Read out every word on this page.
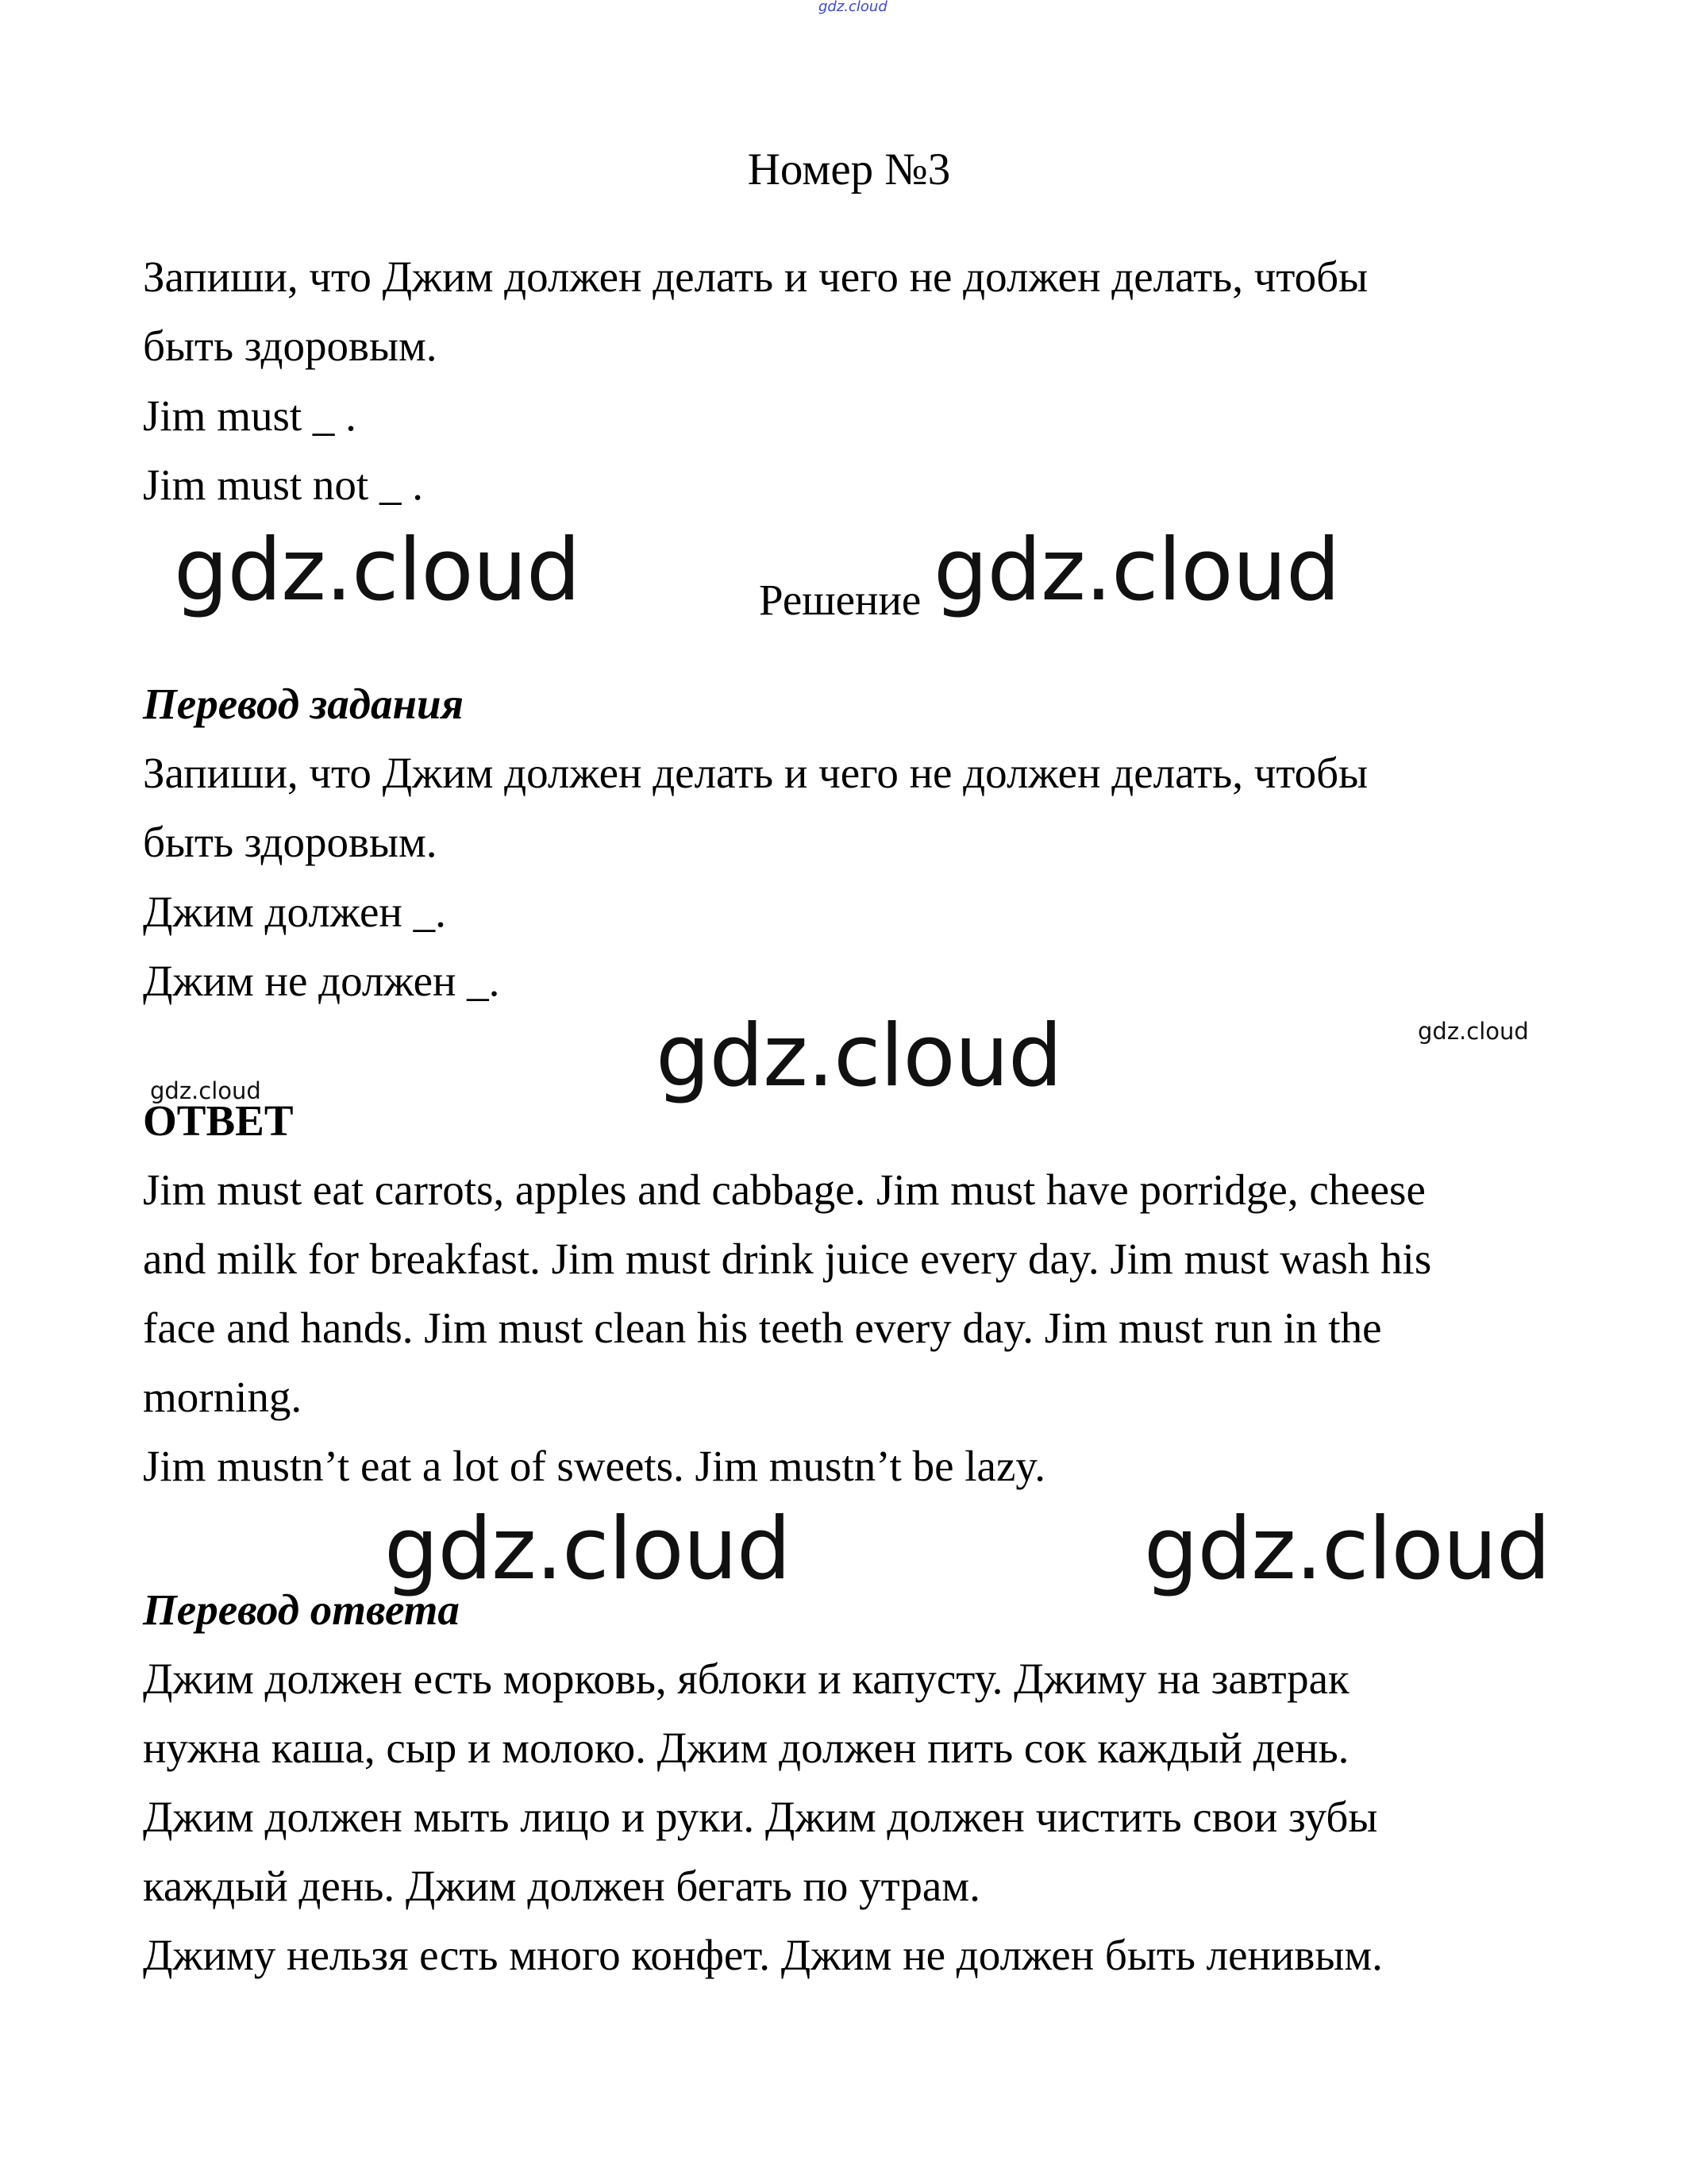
gdz.cloud
Номер №3
Запиши, что Джим должен делать и чего не должен делать, чтобы
быть здоровым.
Jim must _ .
Jim must not _ .
gdz.cloud	Решение gdz.cloud
Перевод задания
Запиши, что Джим должен делать и чего не должен делать, чтобы
быть здоровым.
Джим должен _.
Джим не должен _.
gdz.cloud	gdz.cloud
gdz.cloud
ОТВЕТ

Jim must eat carrots, apples and cabbage. Jim must have porridge, cheese

and milk for breakfast. Jim must drink juice every day. Jim must wash his

face and hands. Jim must clean his teeth every day. Jim must run in the

morning.

Jim mustn’t eat a lot of sweets. Jim mustn’t be lazy.

gdz.cloud	gdz.cloud
Перевод ответа

Джим должен есть морковь, яблоки и капусту. Джиму на завтрак

нужна каша, сыр и молоко. Джим должен пить сок каждый день.

Джим должен мыть лицо и руки. Джим должен чистить свои зубы

каждый день. Джим должен бегать по утрам.

Джиму нельзя есть много конфет. Джим не должен быть ленивым.
